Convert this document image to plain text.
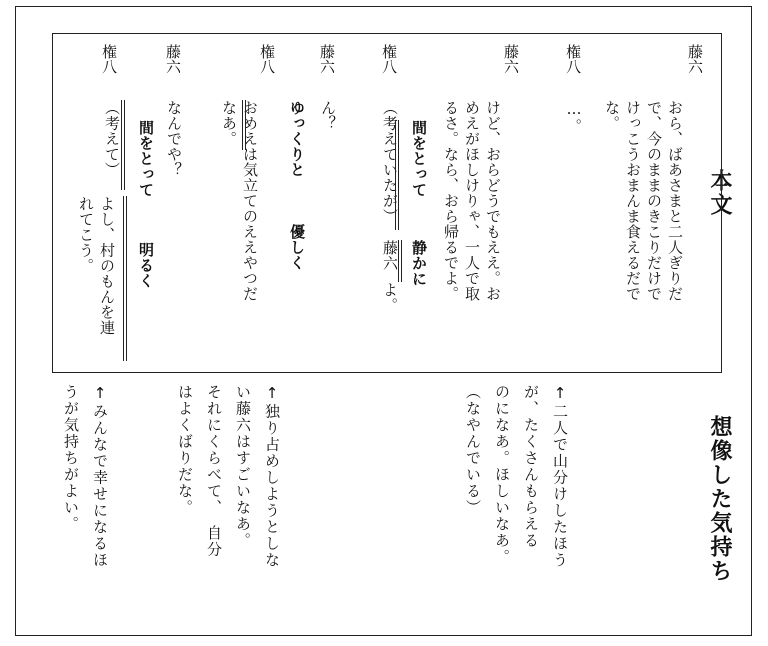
本文
想像した気持ち
藤六
おら、ばあさまと二人ぎりだ
で、今のままのきこりだけで
けっこうおまんま食えるだで
な。
権八
…。
藤六
けど、おらどうでもええ。お
めえがほしけりゃ、一人で取
るさ。なら、おら帰るでよ。
権八
（考えていたが）
藤六
よ。
間をとって
静かに
藤六
ん？
権八
おめえは気立てのええやつだ
なあ。	ゆっくりと
優しく
藤六
なんでや？
権八
（考えて）
よし、村のもんを連
れてこう。
間をとって
明るく
↑二人で山分けしたほう
が、たくさんもらえる
のになあ。ほしいなあ。
（なやんでいる）
↑独り占めしようとしな
い藤六はすごいなあ。
それにくらべて、　自分
はよくばりだな。
↑みんなで幸せになるほ
うが気持ちがよい。
